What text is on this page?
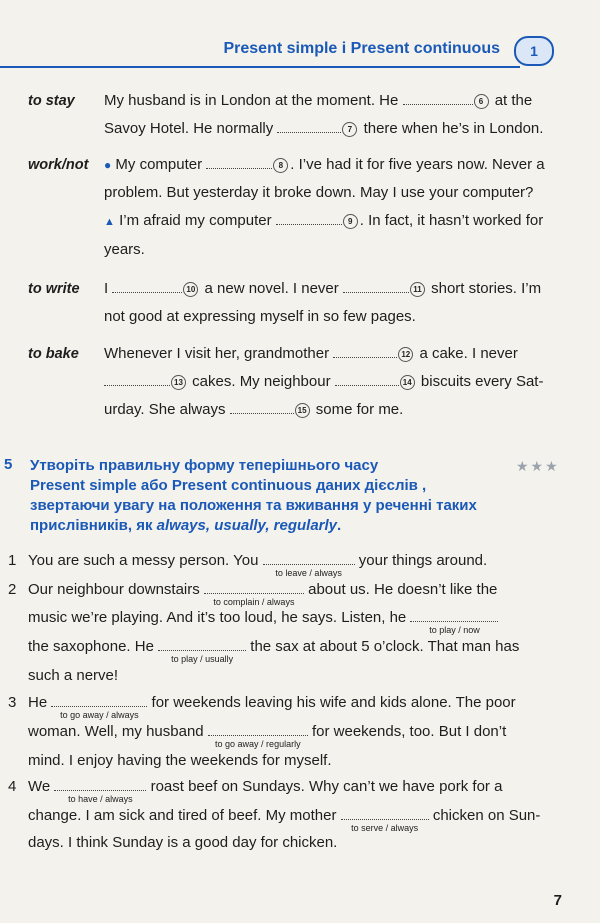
Present simple і Present continuous	1
to stay	My husband is in London at the moment. He	6 at the
Savoy Hotel. He normally	7 there when he’s in London.
work/not	● My computer	8 . I’ve had it for five years now. Never a
problem. But yesterday it broke down. May I use your computer?
▲ I’m afraid my computer	9 . In fact, it hasn’t worked for
years.
to write	I	10 a new novel. I never	11 short stories. I’m
not good at expressing myself in so few pages.
to bake	Whenever I visit her, grandmother	12 a cake. I never
13 cakes. My neighbour	14 biscuits every Sat-
urday. She always	15 some for me.
5 Утворіть правильну форму теперішнього часу
Present simple або Present continuous даних дієслів ,
звертаючи увагу на положення та вживання у реченні таких
прислівників, як always, usually, regularly.
★★★
1 You are such a messy person. You
to leave / always
your things around.
2 Our neighbour downstairs
to complain / always
about us. He doesn’t like the
music we’re playing. And it’s too loud, he says. Listen, he
to play / now
the saxophone. He
to play / usually
the sax at about 5 o’clock. That man has
such a nerve!
3 He
to go away / always
for weekends leaving his wife and kids alone. The poor
woman. Well, my husband
to go away / regularly
for weekends, too. But I don’t
mind. I enjoy having the weekends for myself.
4 We
to have / always
roast beef on Sundays. Why can’t we have pork for a
change. I am sick and tired of beef. My mother
to serve / always
chicken on Sun-
days. I think Sunday is a good day for chicken.
7
